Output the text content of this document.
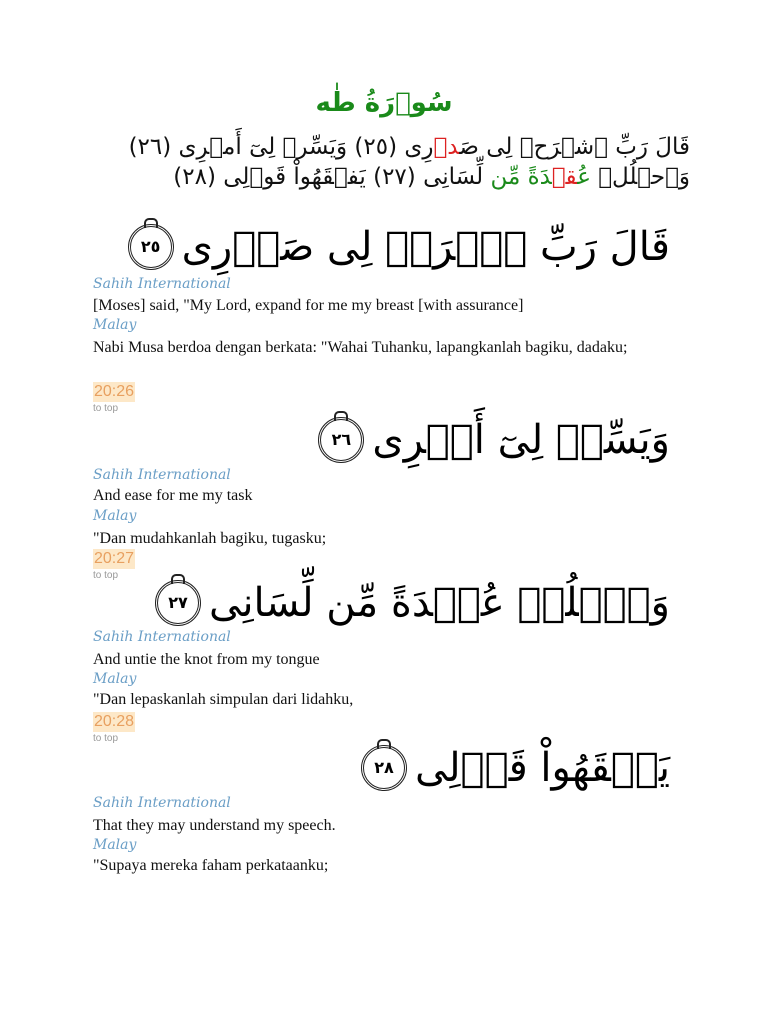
سُوۡرَةُ طٰه
قَالَ رَبِّ ٱشۡرَحۡ لِى صَدۡرِى (٢٥) وَيَسِّرۡ لِىٓ أَمۡرِى (٢٦) وَٱحۡلُلۡ عُقۡدَةً مِّن لِّسَانِى (٢٧) يَفۡقَهُواْ قَوۡلِى (٢٨)
قَالَ رَبِّ ٱشۡرَحۡ لِى صَدۡرِى
٢٥
Sahih International
[Moses] said, "My Lord, expand for me my breast [with assurance]
Malay
Nabi Musa berdoa dengan berkata: "Wahai Tuhanku, lapangkanlah bagiku, dadaku;
20:26
to top
وَيَسِّرۡ لِىٓ أَمۡرِى
٢٦
Sahih International
And ease for me my task
Malay
"Dan mudahkanlah bagiku, tugasku;
20:27
to top
وَٱحۡلُلۡ عُقۡدَةً مِّن لِّسَانِى
٢٧
Sahih International
And untie the knot from my tongue
Malay
"Dan lepaskanlah simpulan dari lidahku,
20:28
to top
يَفۡقَهُواْ قَوۡلِى
٢٨
Sahih International
That they may understand my speech.
Malay
"Supaya mereka faham perkataanku;
